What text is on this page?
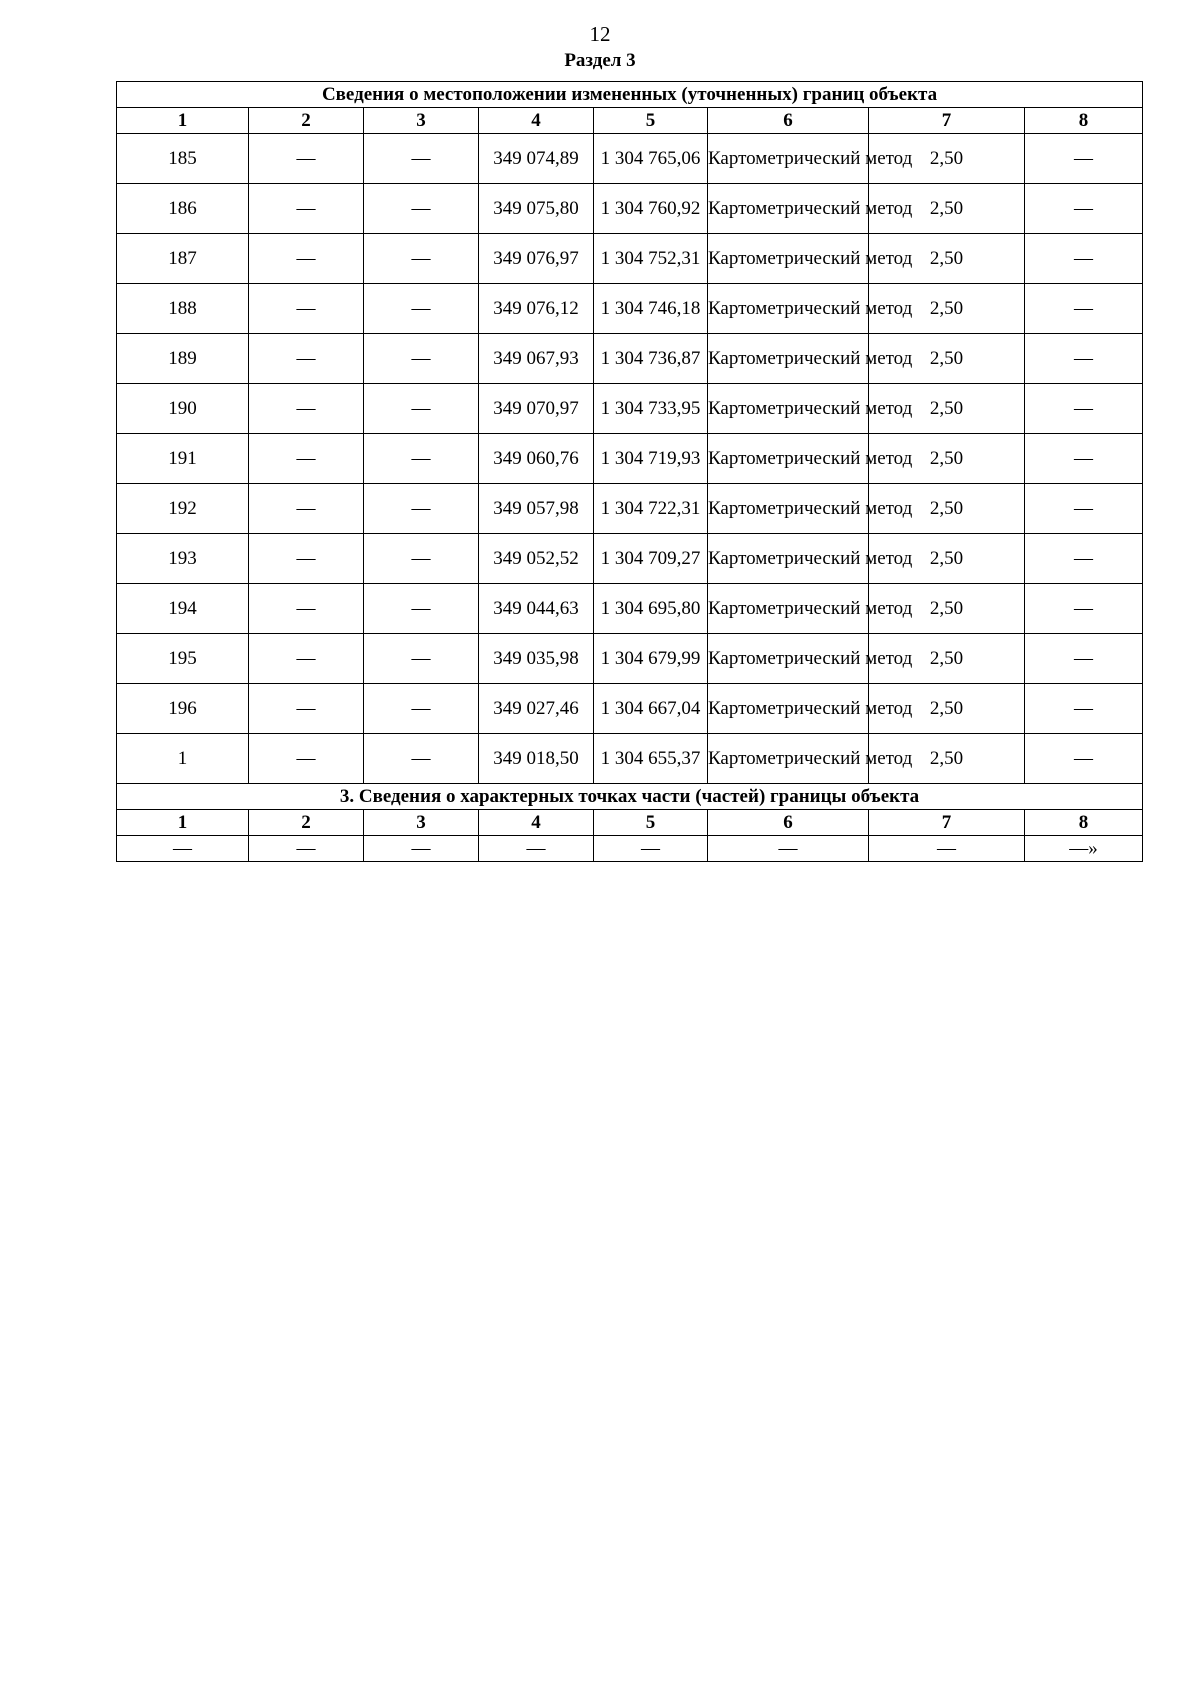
12
Раздел 3
Сведения о местоположении измененных (уточненных) границ объекта							
1	2	3	4	5	6	7	8
185	—	—	349 074,89	1 304 765,06	Картометрический метод	2,50	—
186	—	—	349 075,80	1 304 760,92	Картометрический метод	2,50	—
187	—	—	349 076,97	1 304 752,31	Картометрический метод	2,50	—
188	—	—	349 076,12	1 304 746,18	Картометрический метод	2,50	—
189	—	—	349 067,93	1 304 736,87	Картометрический метод	2,50	—
190	—	—	349 070,97	1 304 733,95	Картометрический метод	2,50	—
191	—	—	349 060,76	1 304 719,93	Картометрический метод	2,50	—
192	—	—	349 057,98	1 304 722,31	Картометрический метод	2,50	—
193	—	—	349 052,52	1 304 709,27	Картометрический метод	2,50	—
194	—	—	349 044,63	1 304 695,80	Картометрический метод	2,50	—
195	—	—	349 035,98	1 304 679,99	Картометрический метод	2,50	—
196	—	—	349 027,46	1 304 667,04	Картометрический метод	2,50	—
1	—	—	349 018,50	1 304 655,37	Картометрический метод	2,50	—
3. Сведения о характерных точках части (частей) границы объекта							
1	2	3	4	5	6	7	8
—	—	—	—	—	—	—	—»
